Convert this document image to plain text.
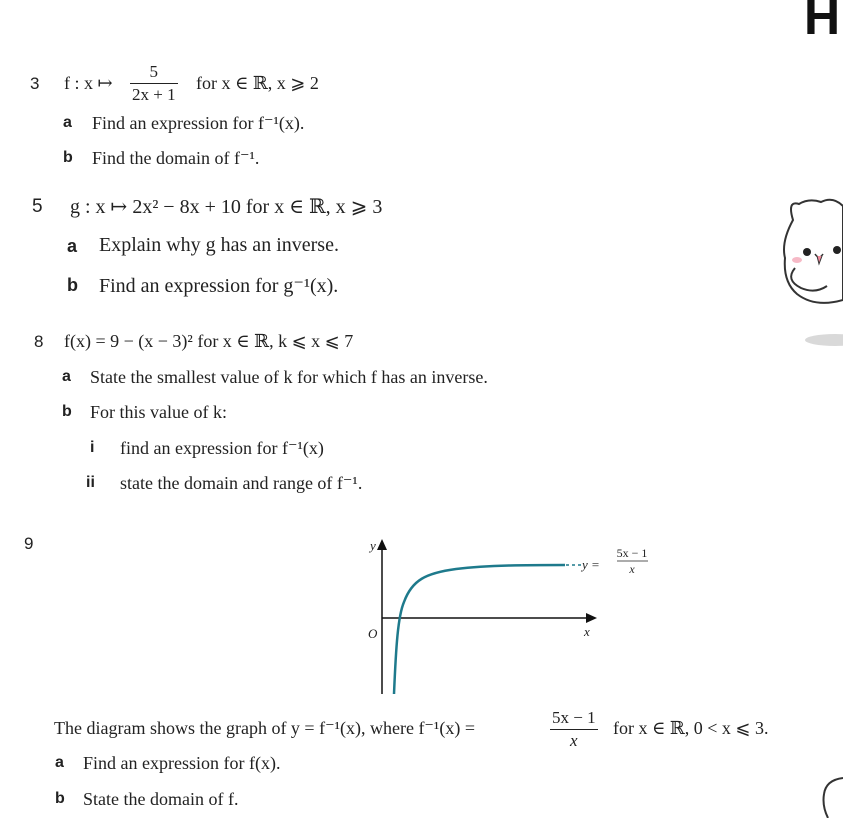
H
3 f : x ↦
5
2x + 1
for x ∈ ℝ, x ⩾ 2
a Find an expression for f⁻¹(x).
b Find the domain of f⁻¹.
5 g : x ↦ 2x² − 8x + 10 for x ∈ ℝ, x ⩾ 3
a Explain why g has an inverse.
b Find an expression for g⁻¹(x).
8 f(x) = 9 − (x − 3)² for x ∈ ℝ, k ⩽ x ⩽ 7
a State the smallest value of k for which f has an inverse.
b For this value of k:
i find an expression for f⁻¹(x)
ii state the domain and range of f⁻¹.
9	y
O	x
y =
5x − 1
x
The diagram shows the graph of y = f⁻¹(x), where f⁻¹(x) =
5x − 1
x
for x ∈ ℝ, 0 < x ⩽ 3.
a Find an expression for f(x).
b State the domain of f.
